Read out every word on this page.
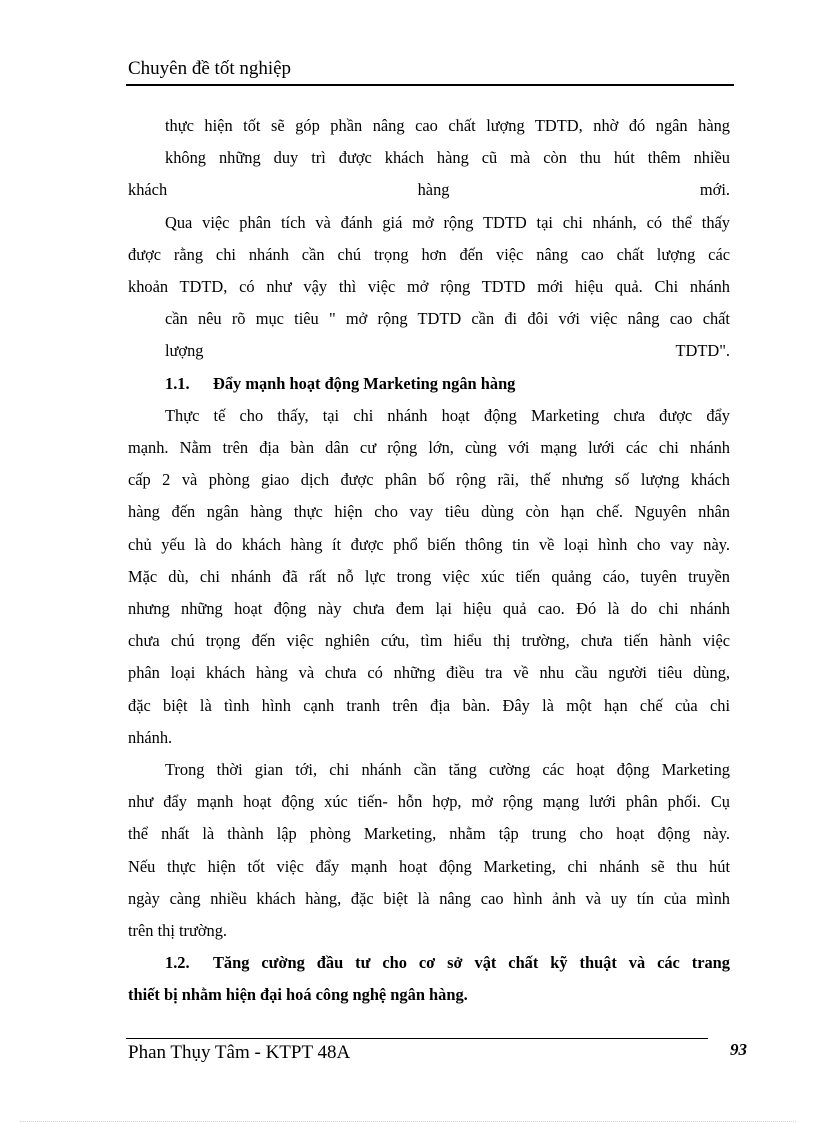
Chuyên đề tốt nghiệp
thực hiện tốt sẽ góp phần nâng cao chất lượng TDTD, nhờ đó ngân hàng
không những duy trì được khách hàng cũ mà còn thu hút thêm nhiều
khách hàng mới.
Qua việc phân tích và đánh giá mở rộng TDTD tại chi nhánh, có thể thấy
được rằng chi nhánh cần chú trọng hơn đến việc nâng cao chất lượng các
khoản TDTD, có như vậy thì việc mở rộng TDTD mới hiệu quả. Chi nhánh
cần nêu rõ mục tiêu " mở rộng TDTD cần đi đôi với việc nâng cao chất
lượng TDTD".
1.1. Đẩy mạnh hoạt động Marketing ngân hàng
Thực tế cho thấy, tại chi nhánh hoạt động Marketing chưa được đẩy
mạnh. Nằm trên địa bàn dân cư rộng lớn, cùng với mạng lưới các chi nhánh
cấp 2 và phòng giao dịch được phân bố rộng rãi, thế nhưng số lượng khách
hàng đến ngân hàng thực hiện cho vay tiêu dùng còn hạn chế. Nguyên nhân
chủ yếu là do khách hàng ít được phổ biến thông tin về loại hình cho vay này.
Mặc dù, chi nhánh đã rất nỗ lực trong việc xúc tiến quảng cáo, tuyên truyền
nhưng những hoạt động này chưa đem lại hiệu quả cao. Đó là do chi nhánh
chưa chú trọng đến việc nghiên cứu, tìm hiểu thị trường, chưa tiến hành việc
phân loại khách hàng và chưa có những điều tra về nhu cầu người tiêu dùng,
đặc biệt là tình hình cạnh tranh trên địa bàn. Đây là một hạn chế của chi
nhánh.
Trong thời gian tới, chi nhánh cần tăng cường các hoạt động Marketing
như đẩy mạnh hoạt động xúc tiến- hỗn hợp, mở rộng mạng lưới phân phối. Cụ
thể nhất là thành lập phòng Marketing, nhằm tập trung cho hoạt động này.
Nếu thực hiện tốt việc đẩy mạnh hoạt động Marketing, chi nhánh sẽ thu hút
ngày càng nhiều khách hàng, đặc biệt là nâng cao hình ảnh và uy tín của mình
trên thị trường.
1.2. Tăng cường đầu tư cho cơ sở vật chất kỹ thuật và các trang
thiết bị nhằm hiện đại hoá công nghệ ngân hàng.
Phan Thụy Tâm - KTPT 48A	93
